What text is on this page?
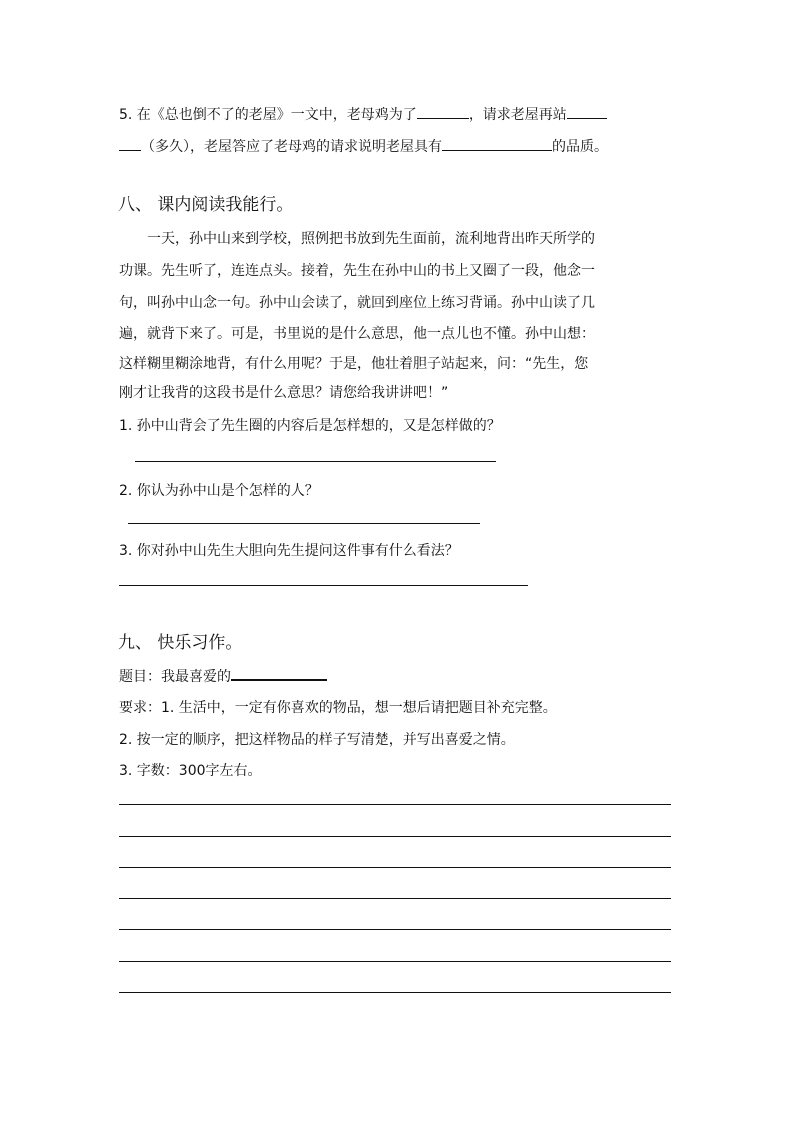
5. 在《总也倒不了的老屋》一文中，老母鸡为了	，请求老屋再站
（多久），老屋答应了老母鸡的请求说明老屋具有	的品质。
八、 课内阅读我能行。
一天，孙中山来到学校，照例把书放到先生面前，流利地背出昨天所学的
功课。先生听了，连连点头。接着，先生在孙中山的书上又圈了一段，他念一
句，叫孙中山念一句。孙中山会读了，就回到座位上练习背诵。孙中山读了几
遍，就背下来了。可是，书里说的是什么意思，他一点儿也不懂。孙中山想：
这样糊里糊涂地背，有什么用呢？于是，他壮着胆子站起来，问：“先生，您
刚才让我背的这段书是什么意思？请您给我讲讲吧！”
1. 孙中山背会了先生圈的内容后是怎样想的，又是怎样做的？
2. 你认为孙中山是个怎样的人？
3. 你对孙中山先生大胆向先生提问这件事有什么看法？
九、 快乐习作。
题目：我最喜爱的
要求：1. 生活中，一定有你喜欢的物品，想一想后请把题目补充完整。
2. 按一定的顺序，把这样物品的样子写清楚，并写出喜爱之情。
3. 字数：300字左右。
